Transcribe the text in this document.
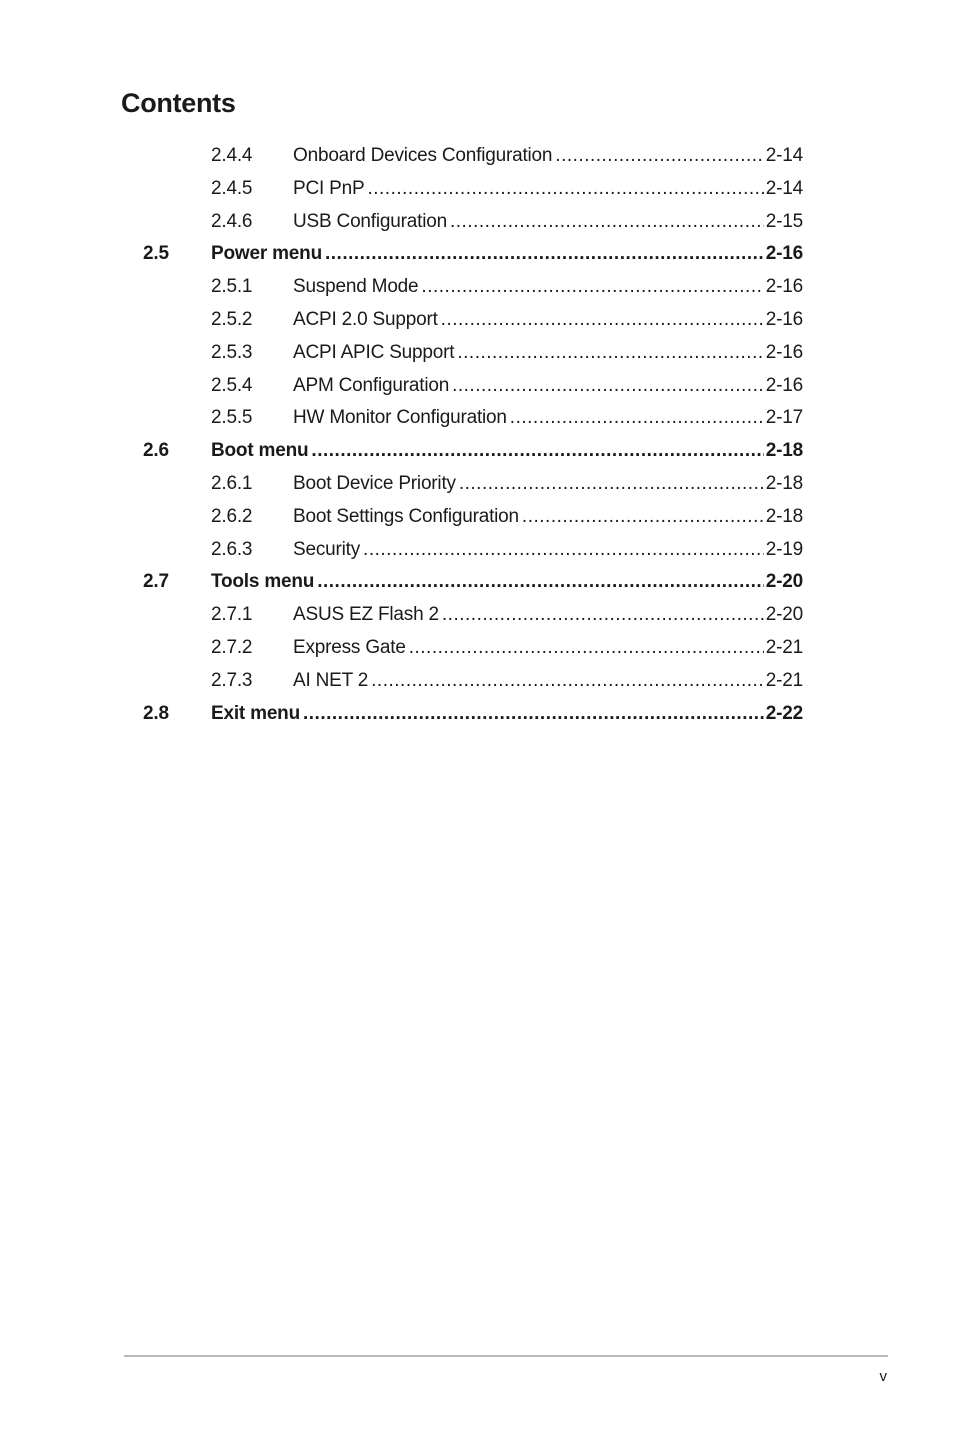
Contents
2.4.4 Onboard Devices Configuration .....	2-14
2.4.5 PCI PnP .....	2-14
2.4.6 USB Configuration .....	2-15
2.5 Power menu .....	2-16
2.5.1 Suspend Mode .....	2-16
2.5.2 ACPI 2.0 Support .....	2-16
2.5.3 ACPI APIC Support .....	2-16
2.5.4 APM Configuration .....	2-16
2.5.5 HW Monitor Configuration .....	2-17
2.6 Boot menu .....	2-18
2.6.1 Boot Device Priority .....	2-18
2.6.2 Boot Settings Configuration .....	2-18
2.6.3 Security .....	2-19
2.7 Tools menu .....	2-20
2.7.1 ASUS EZ Flash 2 .....	2-20
2.7.2 Express Gate .....	2-21
2.7.3 AI NET 2 .....	2-21
2.8 Exit menu .....	2-22
v
